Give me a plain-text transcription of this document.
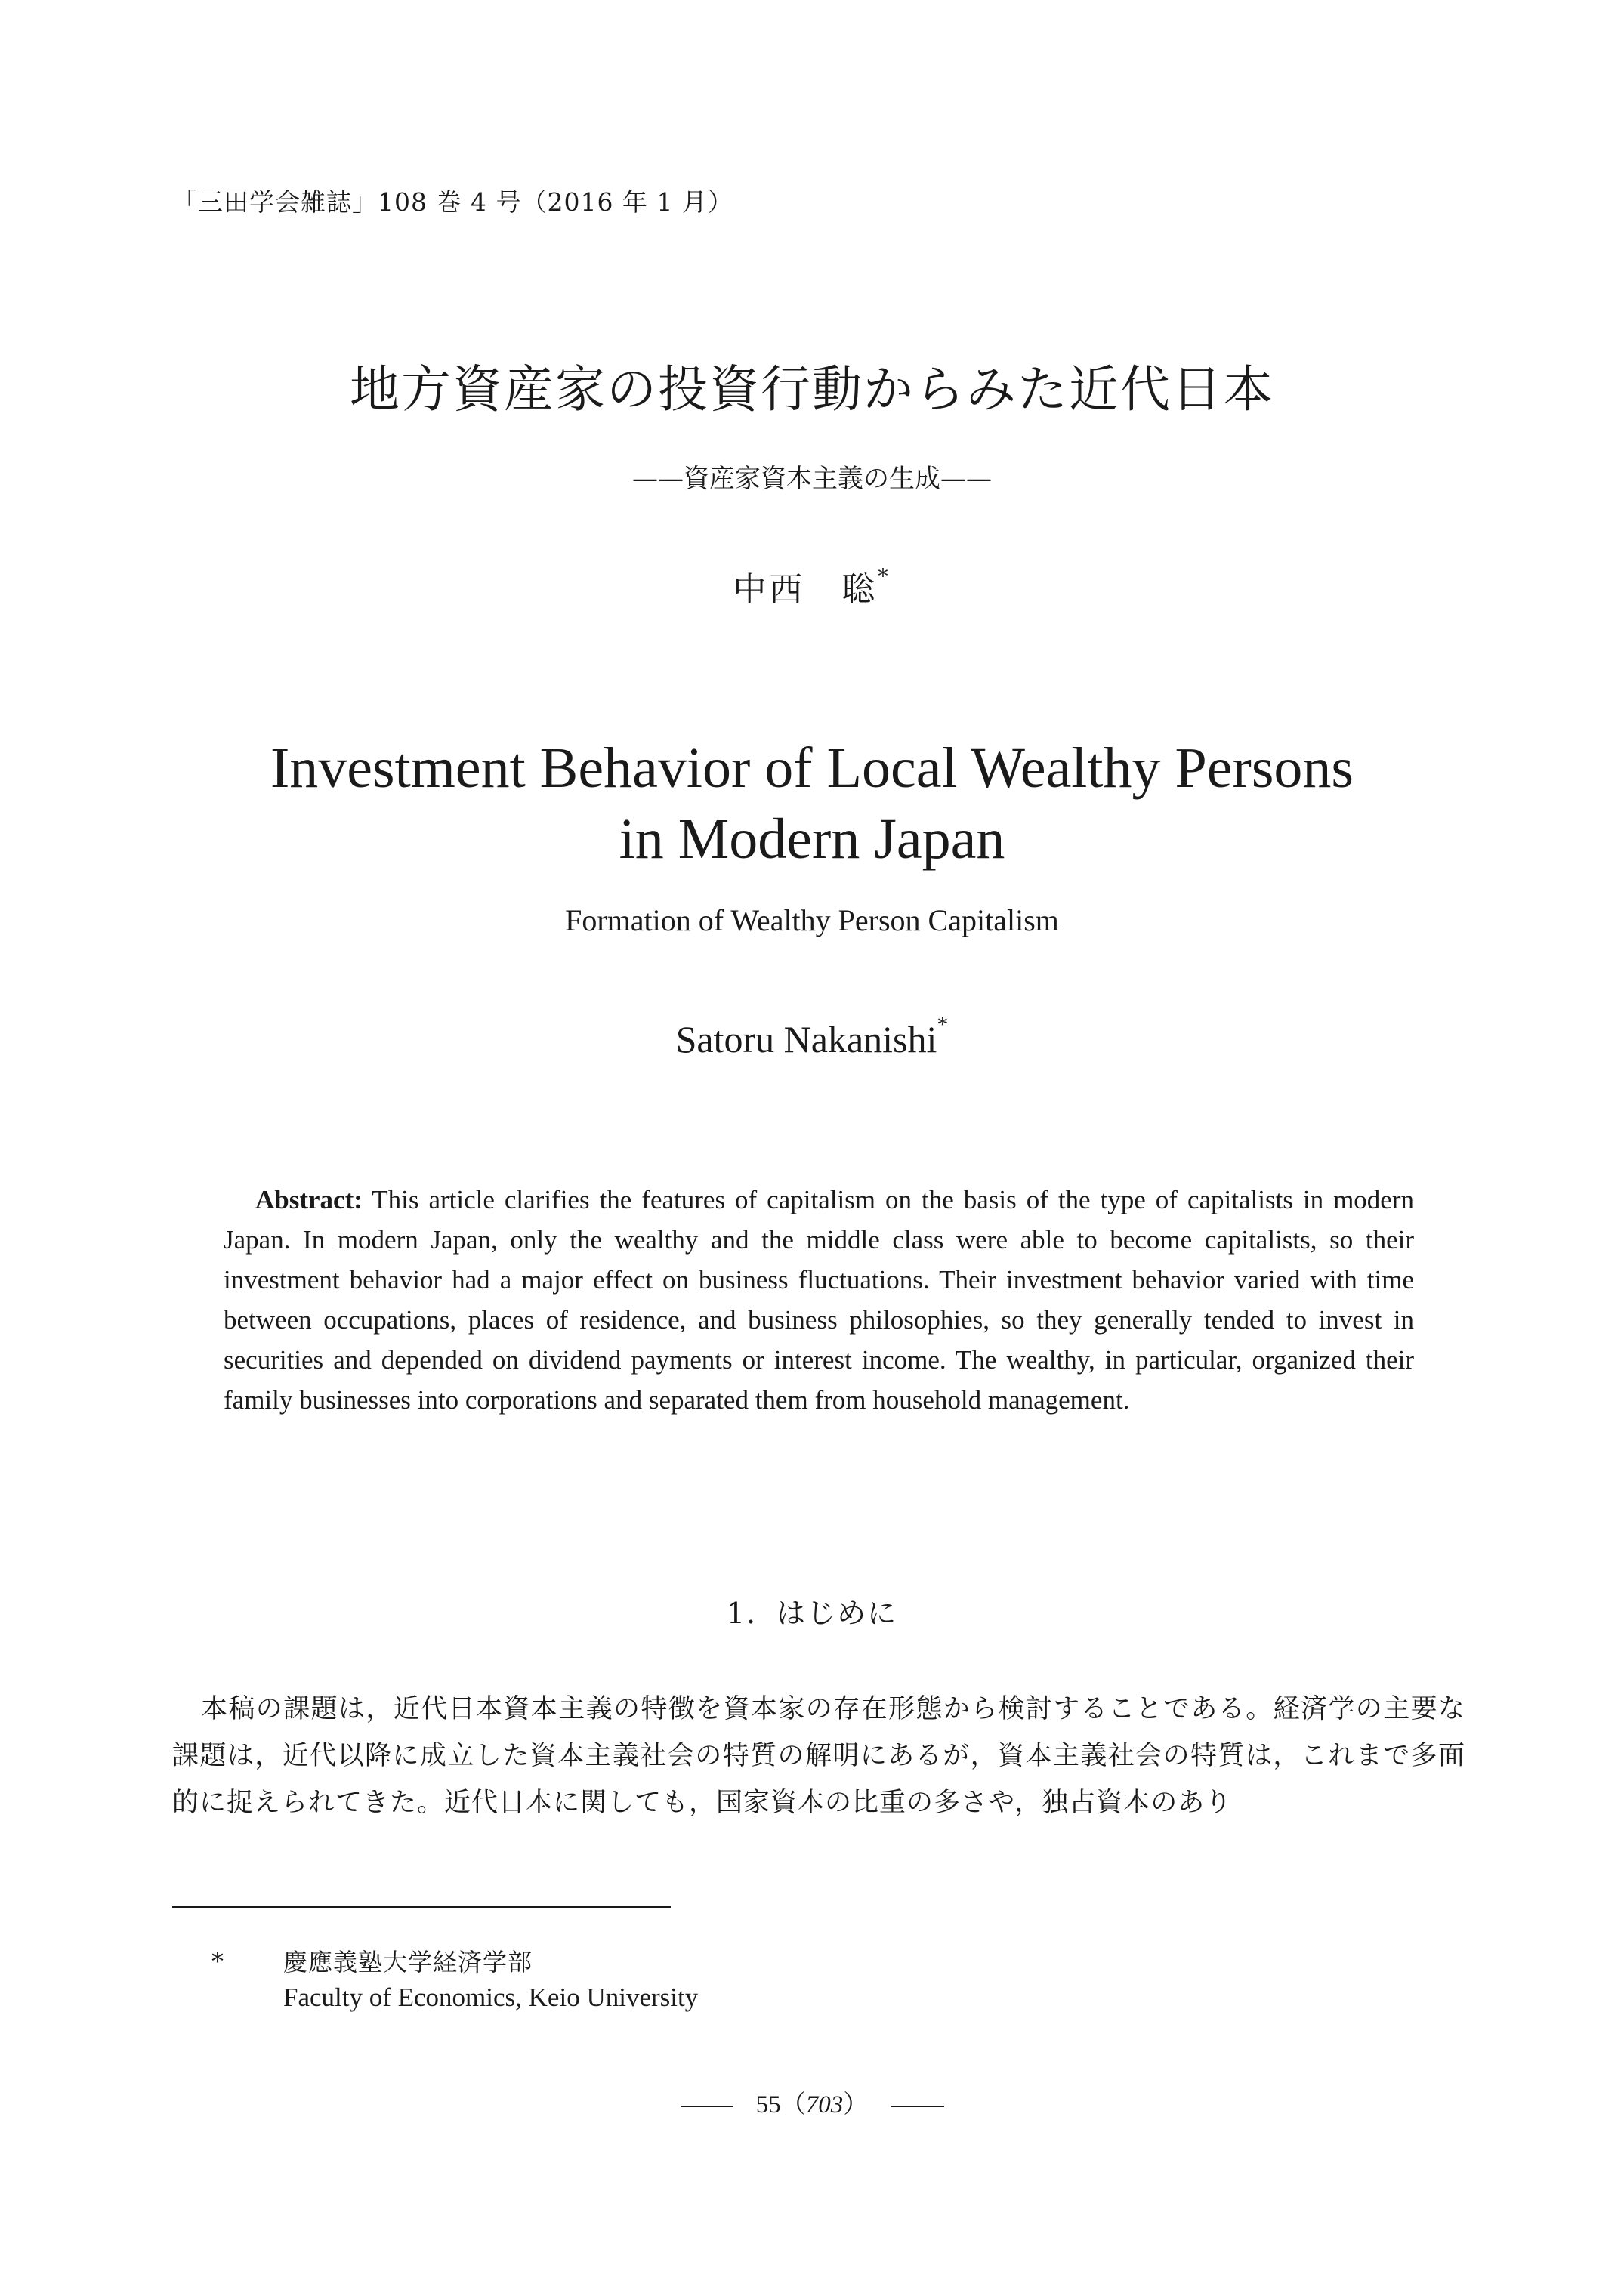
「三田学会雑誌」108 巻 4 号（2016 年 1 月）
地方資産家の投資行動からみた近代日本
——資産家資本主義の生成——
中西　聡*
Investment Behavior of Local Wealthy Persons
in Modern Japan
Formation of Wealthy Person Capitalism
Satoru Nakanishi*
Abstract: This article clarifies the features of capitalism on the basis of the type of capitalists in modern Japan. In modern Japan, only the wealthy and the middle class were able to become capitalists, so their investment behavior had a major effect on business fluctuations. Their investment behavior varied with time between occupations, places of residence, and business philosophies, so they generally tended to invest in securities and depended on dividend payments or interest income. The wealthy, in particular, organized their family businesses into corporations and separated them from household management.
1．はじめに
本稿の課題は，近代日本資本主義の特徴を資本家の存在形態から検討することである。経済学の主要な課題は，近代以降に成立した資本主義社会の特質の解明にあるが，資本主義社会の特質は，これまで多面的に捉えられてきた。近代日本に関しても，国家資本の比重の多さや，独占資本のあり
* 慶應義塾大学経済学部
Faculty of Economics, Keio University
55（703）
